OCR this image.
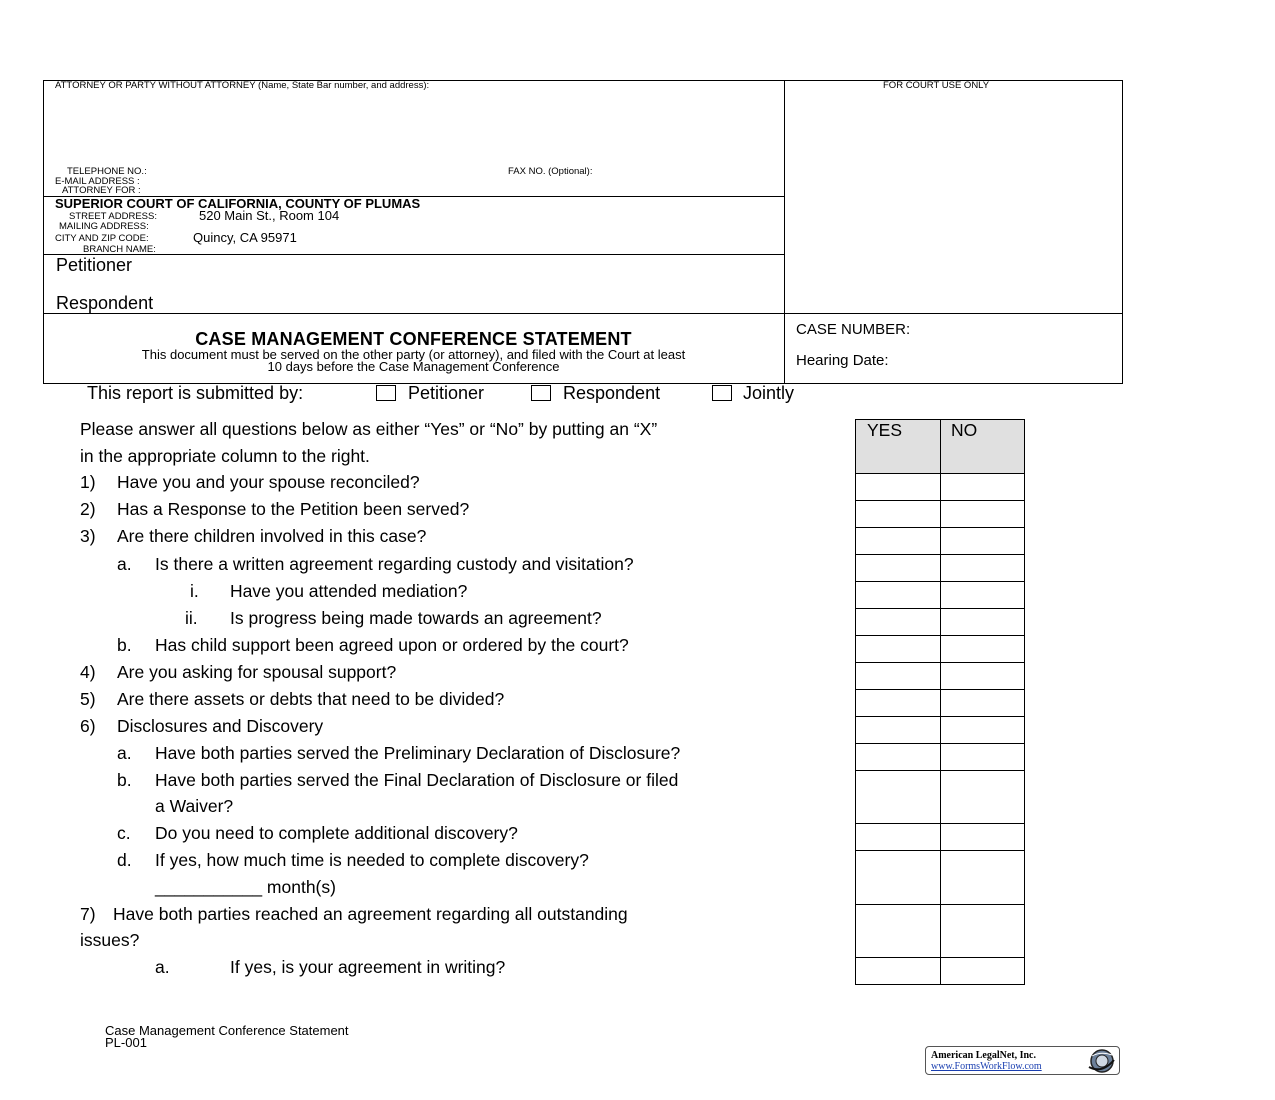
ATTORNEY OR PARTY WITHOUT ATTORNEY (Name, State Bar number, and address):	FOR COURT USE ONLY
TELEPHONE NO.:	FAX NO. (Optional):
E-MAIL ADDRESS :
ATTORNEY FOR :
SUPERIOR COURT OF CALIFORNIA, COUNTY OF PLUMAS
STREET ADDRESS:	520 Main St., Room 104
MAILING ADDRESS:
CITY AND ZIP CODE:	Quincy, CA 95971
BRANCH NAME:
Petitioner
Respondent
CASE MANAGEMENT CONFERENCE STATEMENT
This document must be served on the other party (or attorney), and filed with the Court at least
10 days before the Case Management Conference
CASE NUMBER:
Hearing Date:
This report is submitted by:	Petitioner	Respondent	Jointly
Please answer all questions below as either “Yes” or “No” by putting an “X”
in the appropriate column to the right.
1) Have you and your spouse reconciled?
2) Has a Response to the Petition been served?
3) Are there children involved in this case?
a. Is there a written agreement regarding custody and visitation?
i. Have you attended mediation?
ii. Is progress being made towards an agreement?
b. Has child support been agreed upon or ordered by the court?
4) Are you asking for spousal support?
5) Are there assets or debts that need to be divided?
6) Disclosures and Discovery
a. Have both parties served the Preliminary Declaration of Disclosure?
b. Have both parties served the Final Declaration of Disclosure or filed
a Waiver?
c. Do you need to complete additional discovery?
d. If yes, how much time is needed to complete discovery?
___________ month(s)
7) Have both parties reached an agreement regarding all outstanding
issues?
a.	If yes, is your agreement in writing?
YES	NO
Case Management Conference Statement
PL-001
American LegalNet, Inc.
www.FormsWorkFlow.com
